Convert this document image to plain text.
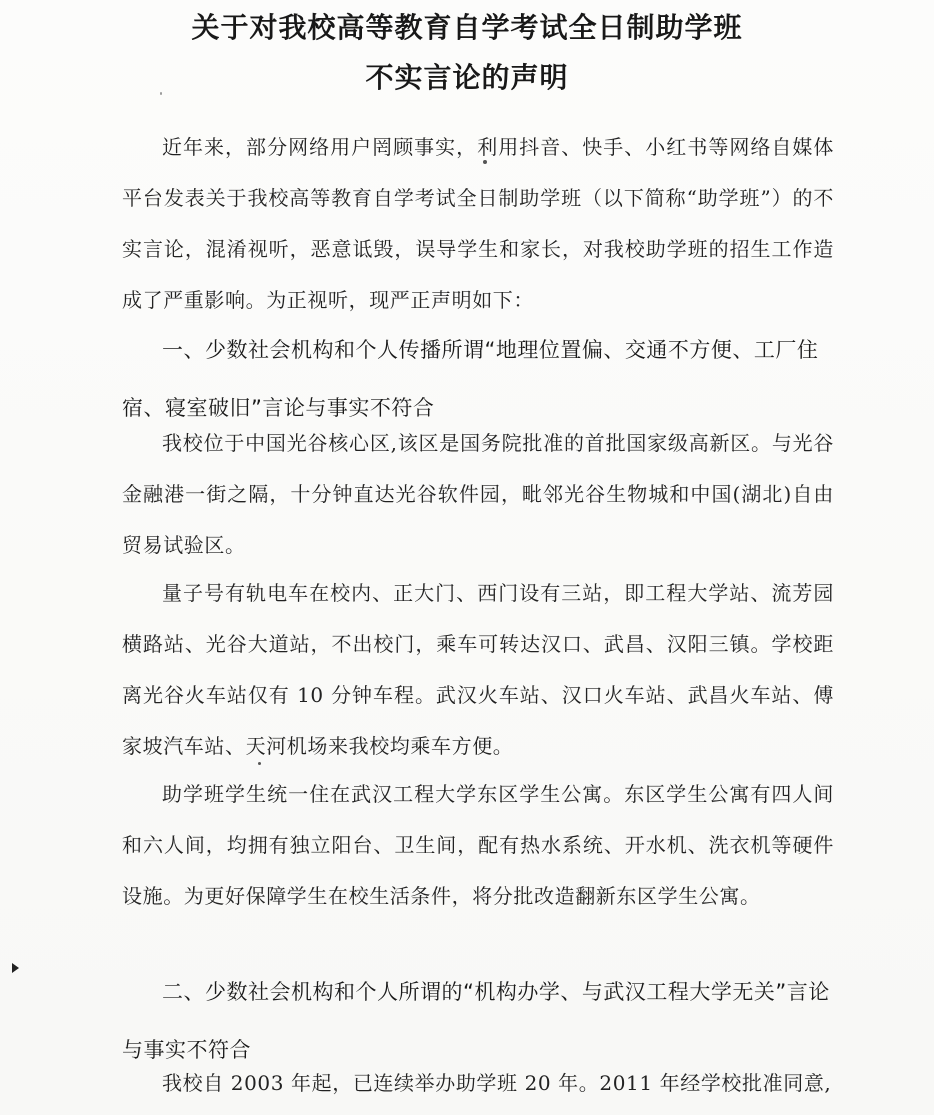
关于对我校高等教育自学考试全日制助学班
不实言论的声明

近年来，部分网络用户罔顾事实，利用抖音、快手、小红书等网络自媒体平台发表关于我校高等教育自学考试全日制助学班（以下简称“助学班”）的不实言论，混淆视听，恶意诋毁，误导学生和家长，对我校助学班的招生工作造成了严重影响。为正视听，现严正声明如下：

一、少数社会机构和个人传播所谓“地理位置偏、交通不方便、工厂住宿、寝室破旧”言论与事实不符合

我校位于中国光谷核心区,该区是国务院批准的首批国家级高新区。与光谷金融港一街之隔，十分钟直达光谷软件园，毗邻光谷生物城和中国(湖北)自由贸易试验区。

量子号有轨电车在校内、正大门、西门设有三站，即工程大学站、流芳园横路站、光谷大道站，不出校门，乘车可转达汉口、武昌、汉阳三镇。学校距离光谷火车站仅有 10 分钟车程。武汉火车站、汉口火车站、武昌火车站、傅家坡汽车站、天河机场来我校均乘车方便。

助学班学生统一住在武汉工程大学东区学生公寓。东区学生公寓有四人间和六人间，均拥有独立阳台、卫生间，配有热水系统、开水机、洗衣机等硬件设施。为更好保障学生在校生活条件，将分批改造翻新东区学生公寓。

二、少数社会机构和个人所谓的“机构办学、与武汉工程大学无关”言论与事实不符合

我校自 2003 年起，已连续举办助学班 20 年。2011 年经学校批准同意,
